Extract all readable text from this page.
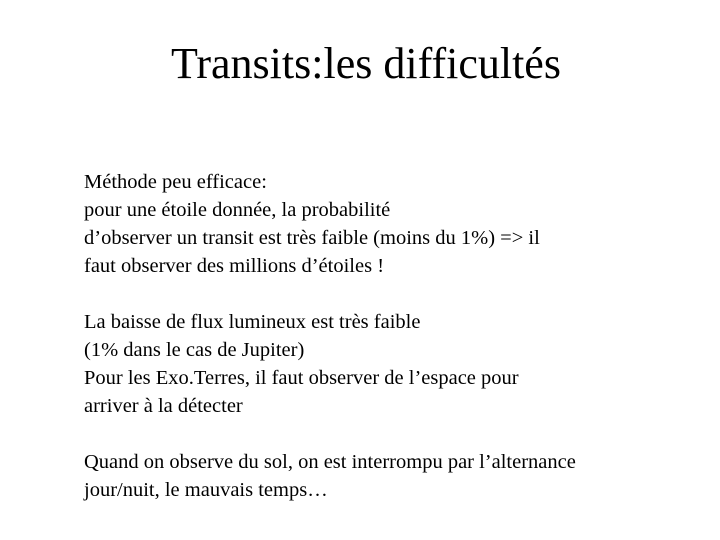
Transits:les difficultés
Méthode peu efficace:
pour une étoile donnée, la probabilité
d’observer un transit est très faible (moins du 1%) => il
faut observer des millions d’étoiles !
La baisse de flux lumineux est très faible
(1% dans le cas de Jupiter)
Pour les Exo.Terres, il faut observer de l’espace pour
arriver à la détecter
Quand on observe du sol, on est interrompu par l’alternance
jour/nuit, le mauvais temps…
